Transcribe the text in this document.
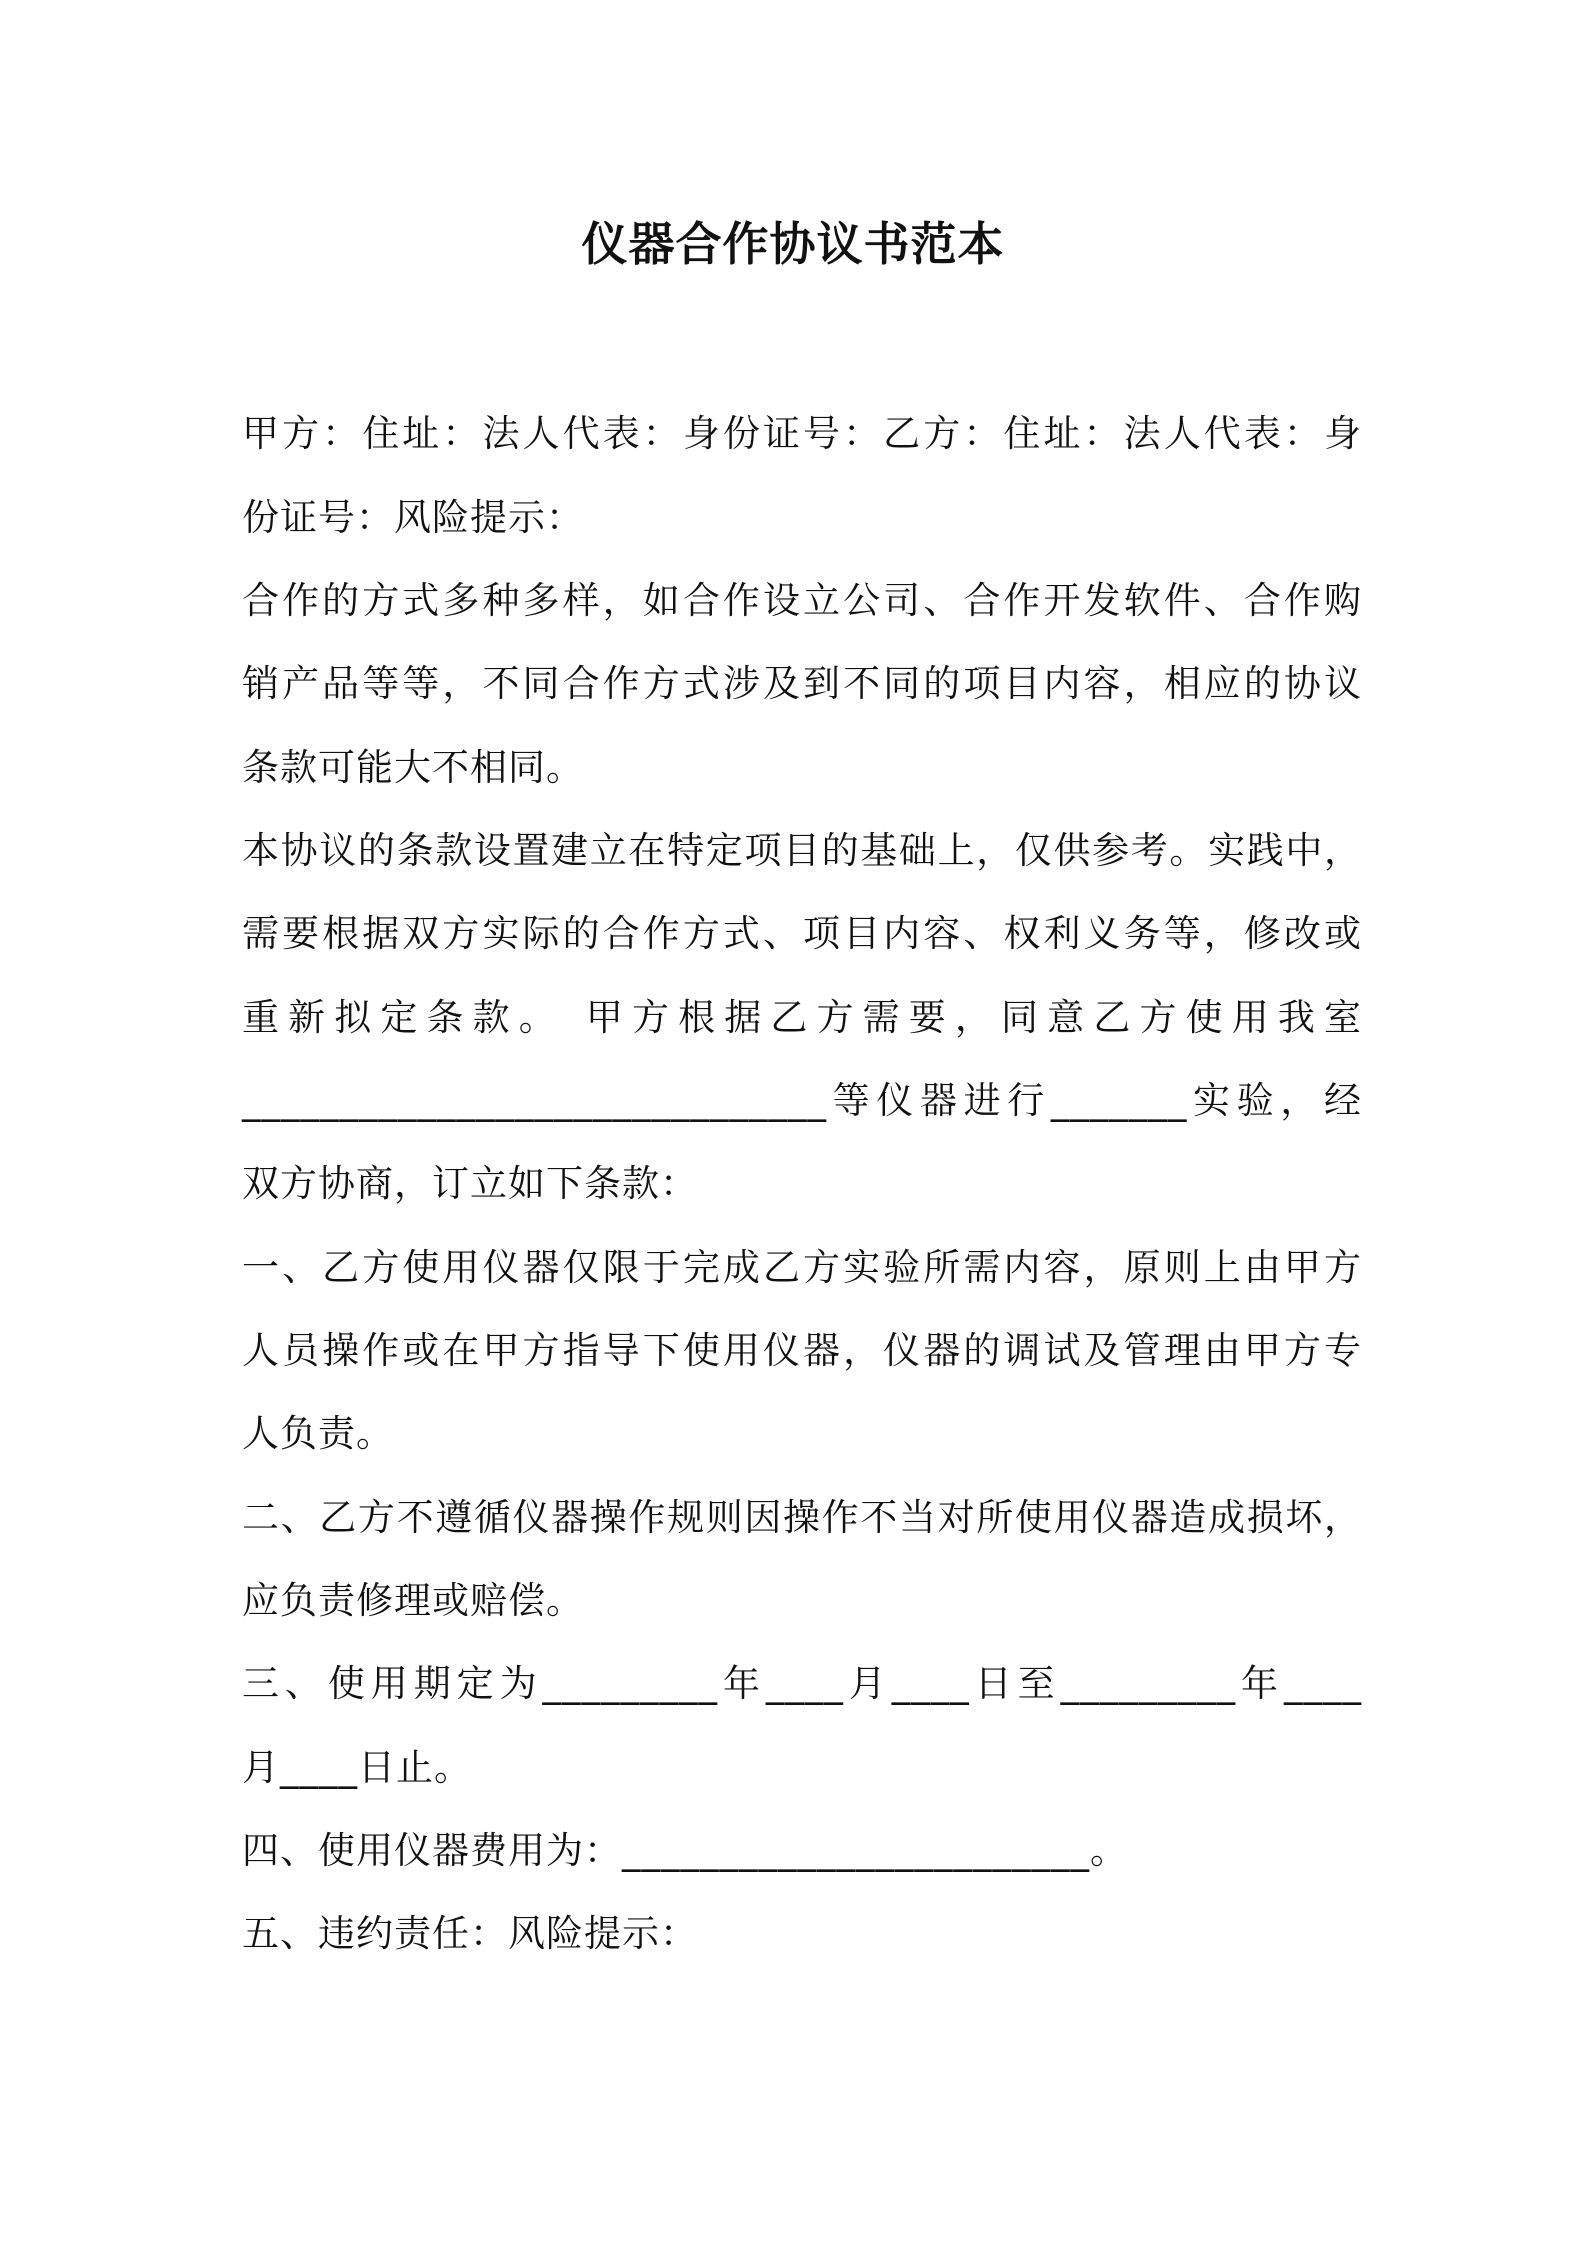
仪器合作协议书范本

甲方：住址：法人代表：身份证号：乙方：住址：法人代表：身

份证号：风险提示：

合作的方式多种多样，如合作设立公司、合作开发软件、合作购

销产品等等，不同合作方式涉及到不同的项目内容，相应的协议

条款可能大不相同。

本协议的条款设置建立在特定项目的基础上，仅供参考。实践中，

需要根据双方实际的合作方式、项目内容、权利义务等，修改或

重新拟定条款。 甲方根据乙方需要，同意乙方使用我室

______________________________等仪器进行_______实验，经

双方协商，订立如下条款：

一、乙方使用仪器仅限于完成乙方实验所需内容，原则上由甲方

人员操作或在甲方指导下使用仪器，仪器的调试及管理由甲方专

人负责。

二、乙方不遵循仪器操作规则因操作不当对所使用仪器造成损坏，

应负责修理或赔偿。

三、使用期定为_________年____月____日至_________年____

月____日止。

四、使用仪器费用为：________________________。

五、违约责任：风险提示：
